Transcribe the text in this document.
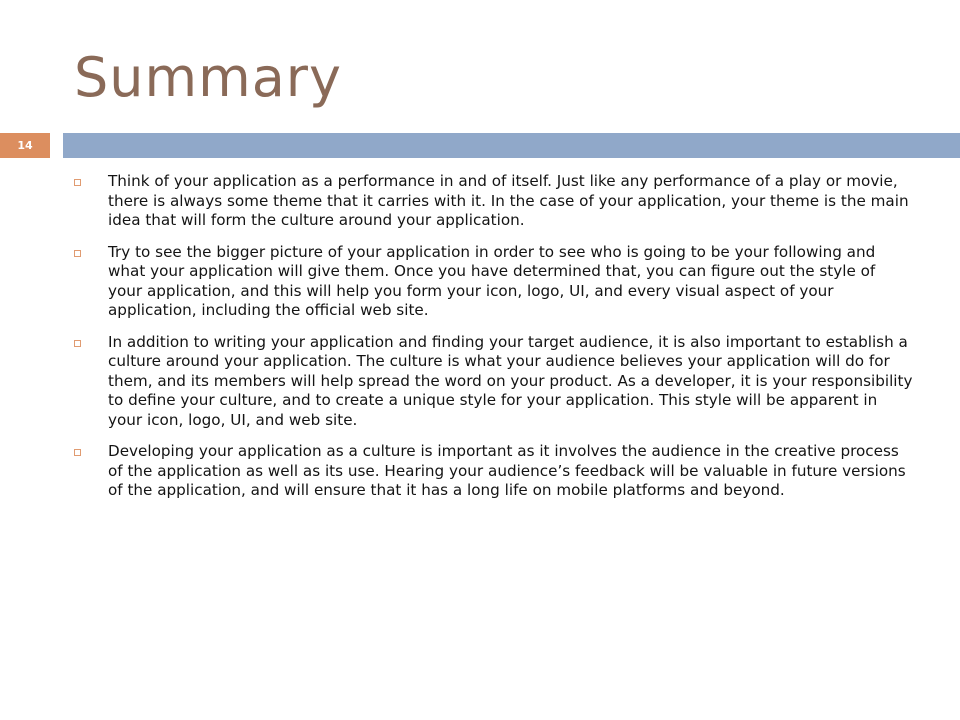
Summary
14
Think of your application as a performance in and of itself. Just like any performance of a play or movie, there is always some theme that it carries with it. In the case of your application, your theme is the main idea that will form the culture around your application.
Try to see the bigger picture of your application in order to see who is going to be your following and what your application will give them. Once you have determined that, you can figure out the style of your application, and this will help you form your icon, logo, UI, and every visual aspect of your application, including the official web site.
In addition to writing your application and finding your target audience, it is also important to establish a culture around your application. The culture is what your audience believes your application will do for them, and its members will help spread the word on your product. As a developer, it is your responsibility to define your culture, and to create a unique style for your application. This style will be apparent in your icon, logo, UI, and web site.
Developing your application as a culture is important as it involves the audience in the creative process of the application as well as its use. Hearing your audience’s feedback will be valuable in future versions of the application, and will ensure that it has a long life on mobile platforms and beyond.
